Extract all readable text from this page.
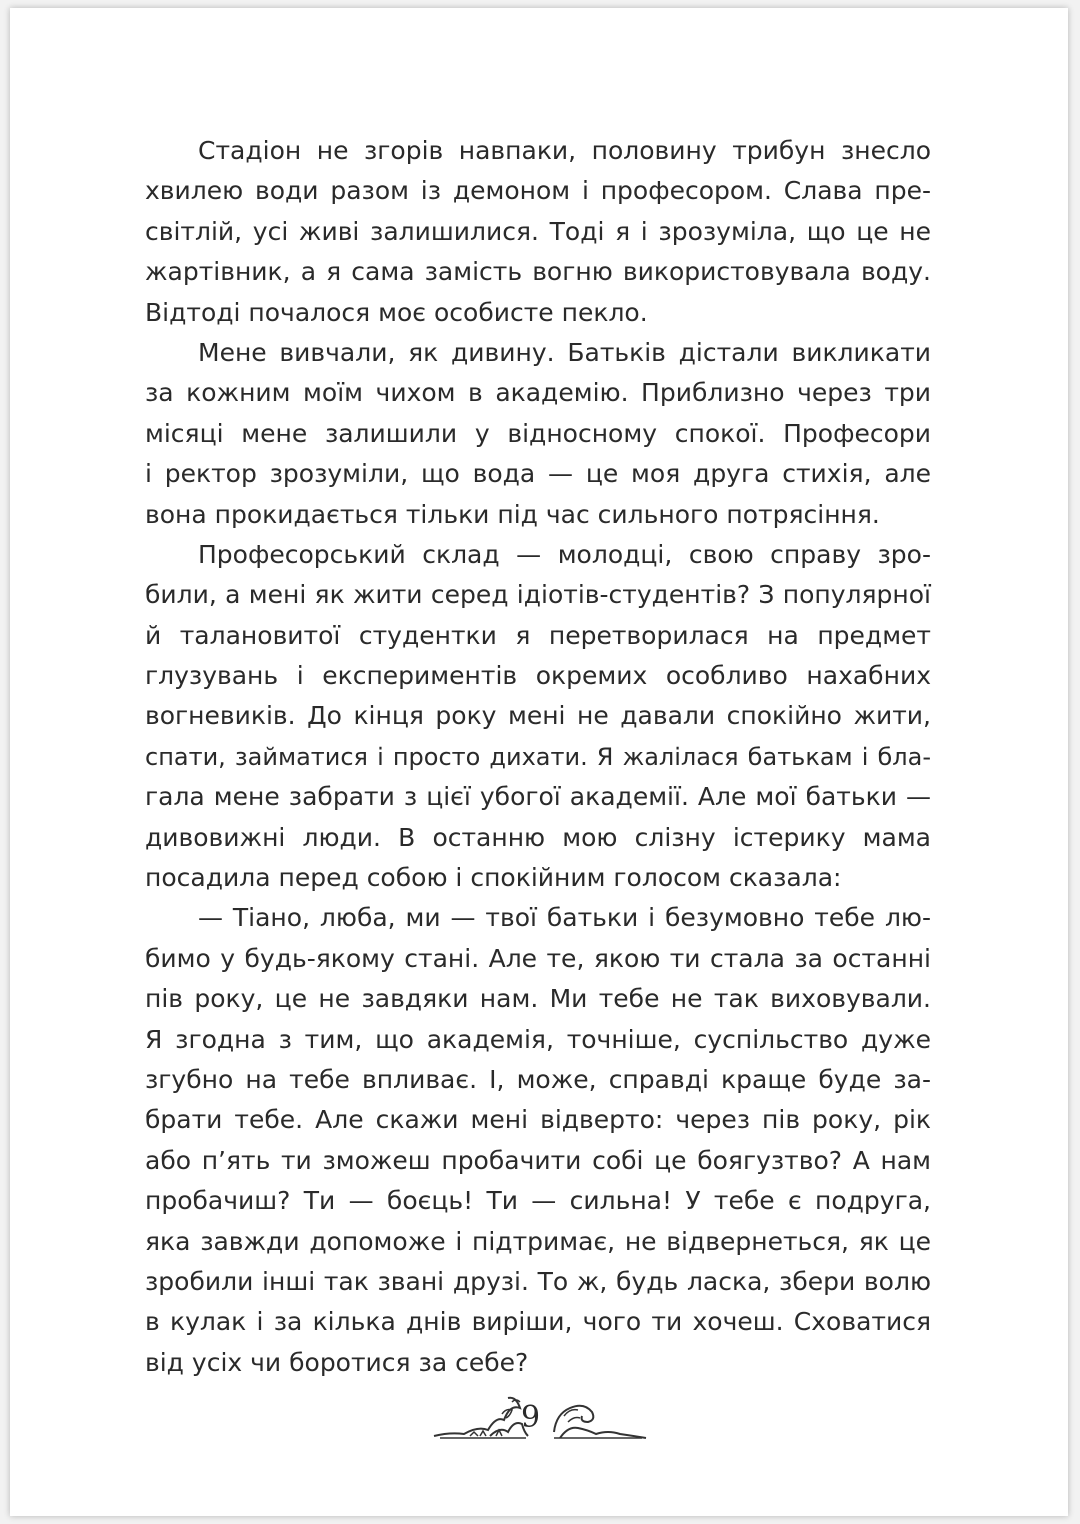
Стадіон не згорів навпаки, половину трибун знесло
хвилею води разом із демоном і професором. Слава пре-
світлій, усі живі залишилися. Тоді я і зрозуміла, що це не
жартівник, а я сама замість вогню використовувала воду.
Відтоді почалося моє особисте пекло.
Мене вивчали, як дивину. Батьків дістали викликати
за кожним моїм чихом в академію. Приблизно через три
місяці мене залишили у відносному спокої. Професори
і ректор зрозуміли, що вода — це моя друга стихія, але
вона прокидається тільки під час сильного потрясіння.
Професорський склад — молодці, свою справу зро-
били, а мені як жити серед ідіотів-студентів? З популярної
й талановитої студентки я перетворилася на предмет
глузувань і експериментів окремих особливо нахабних
вогневиків. До кінця року мені не давали спокійно жити,
спати, займатися і просто дихати. Я жалілася батькам і бла-
гала мене забрати з цієї убогої академії. Але мої батьки —
дивовижні люди. В останню мою слізну істерику мама
посадила перед собою і спокійним голосом сказала:
— Тіано, люба, ми — твої батьки і безумовно тебе лю-
бимо у будь-якому стані. Але те, якою ти стала за останні
пів року, це не завдяки нам. Ми тебе не так виховували.
Я згодна з тим, що академія, точніше, суспільство дуже
згубно на тебе впливає. І, може, справді краще буде за-
брати тебе. Але скажи мені відверто: через пів року, рік
або п’ять ти зможеш пробачити собі це боягузтво? А нам
пробачиш? Ти — боєць! Ти — сильна! У тебе є подруга,
яка завжди допоможе і підтримає, не відвернеться, як це
зробили інші так звані друзі. То ж, будь ласка, збери волю
в кулак і за кілька днів виріши, чого ти хочеш. Сховатися
від усіх чи боротися за себе?
9
